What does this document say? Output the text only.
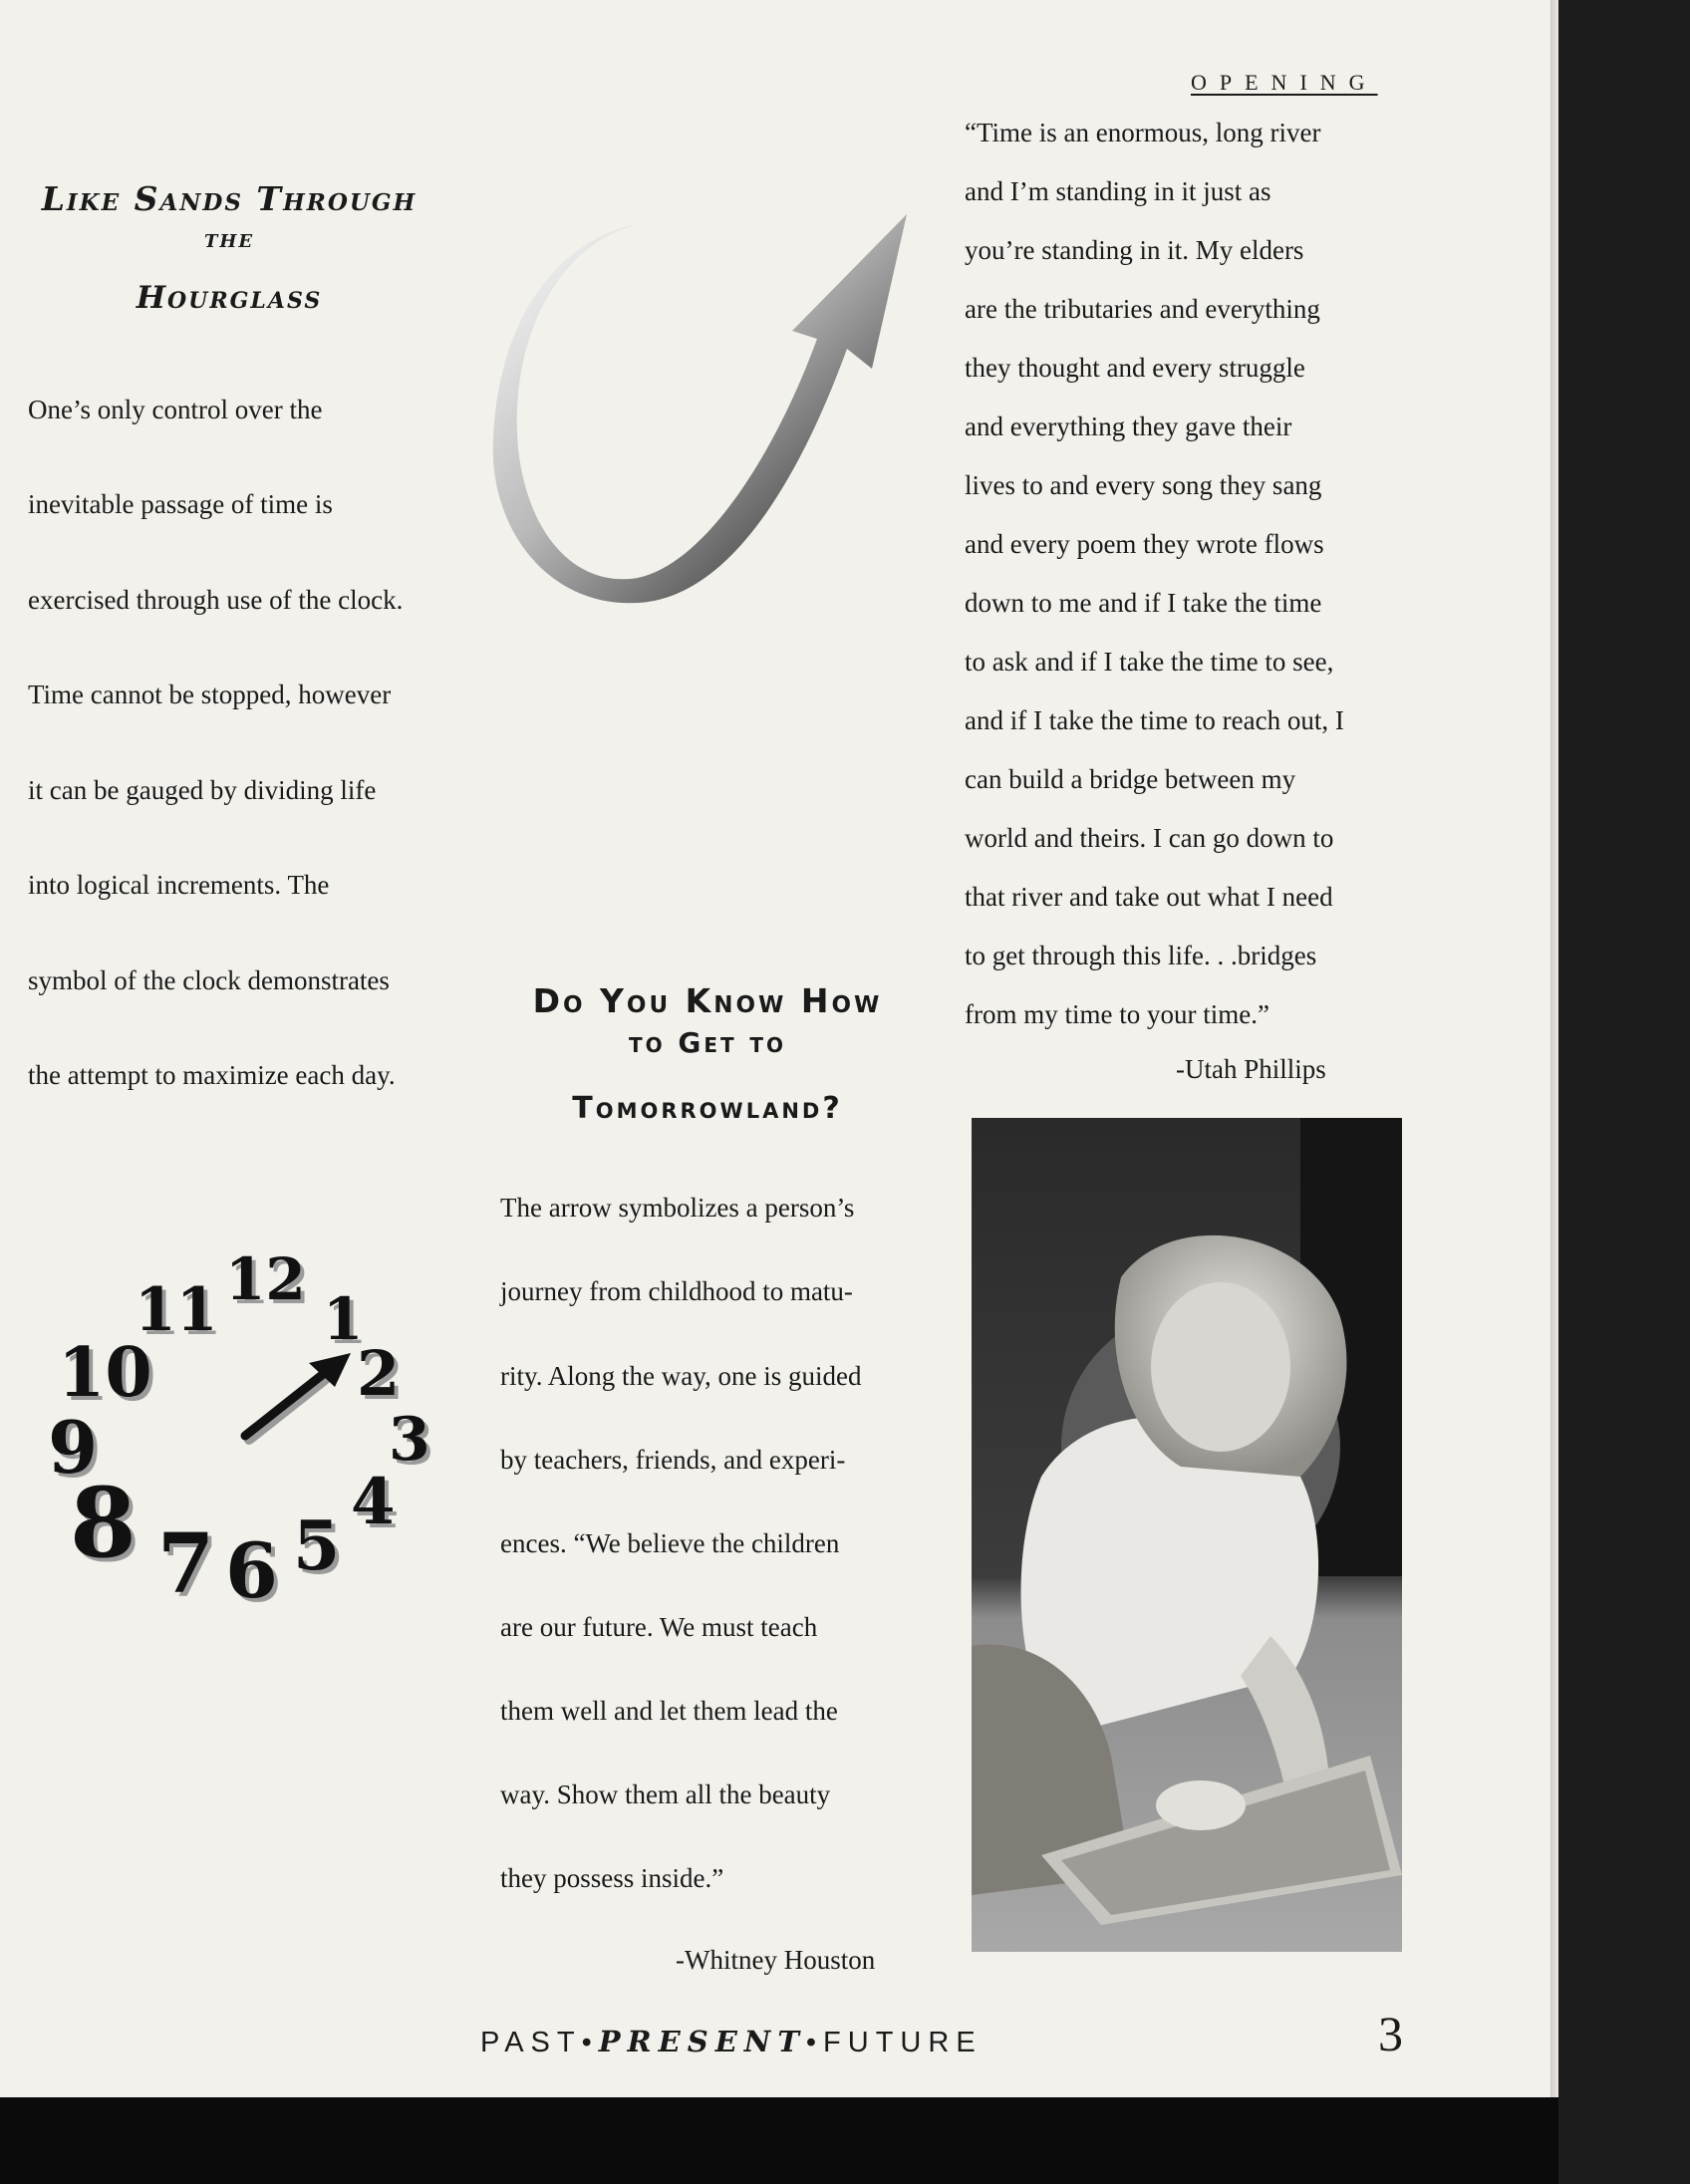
OPENING
Like Sands Through
the
Hourglass

One’s only control over the

inevitable passage of time is

exercised through use of the clock.

Time cannot be stopped, however

it can be gauged by dividing life

into logical increments. The

symbol of the clock demonstrates

the attempt to maximize each day.

12
1
2
3
4
5
6
7
8
9
10
11
Do You Know How
to Get to
Tomorrowland?

The arrow symbolizes a person’s

journey from childhood to matu-

rity. Along the way, one is guided

by teachers, friends, and experi-

ences. “We believe the children

are our future. We must teach

them well and let them lead the

way. Show them all the beauty

they possess inside.”

-Whitney Houston

“Time is an enormous, long river

and I’m standing in it just as

you’re standing in it. My elders

are the tributaries and everything

they thought and every struggle

and everything they gave their

lives to and every song they sang

and every poem they wrote flows

down to me and if I take the time

to ask and if I take the time to see,

and if I take the time to reach out, I

can build a bridge between my

world and theirs. I can go down to

that river and take out what I need

to get through this life. . .bridges

from my time to your time.”

-Utah Phillips
PAST•PRESENT•FUTURE	3
